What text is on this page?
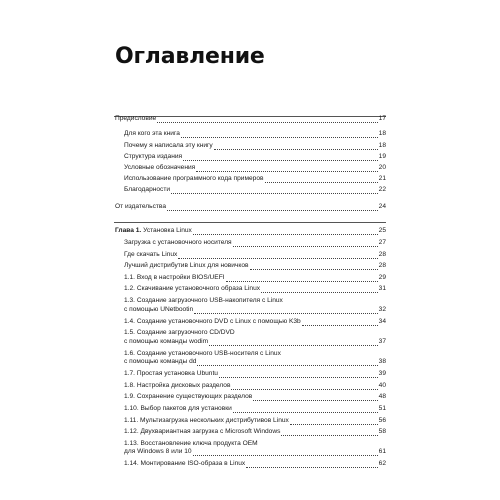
Оглавление
Предисловие	17
Для кого эта книга	18
Почему я написала эту книгу	18
Структура издания	19
Условные обозначения	20
Использование программного кода примеров	21
Благодарности	22
От издательства	24
Глава 1. Установка Linux	25
Загрузка с установочного носителя	27
Где скачать Linux	28
Лучший дистрибутив Linux для новичков	28
1.1. Вход в настройки BIOS/UEFI	29
1.2. Скачивание установочного образа Linux	31
1.3. Создание загрузочного USB-накопителя с Linux
с помощью UNetbootin	32
1.4. Создание установочного DVD с Linux с помощью K3b	34
1.5. Создание загрузочного CD/DVD
с помощью команды wodim	37
1.6. Создание установочного USB-носителя с Linux
с помощью команды dd	38
1.7. Простая установка Ubuntu	39
1.8. Настройка дисковых разделов	40
1.9. Сохранение существующих разделов	48
1.10. Выбор пакетов для установки	51
1.11. Мультизагрузка нескольких дистрибутивов Linux	56
1.12. Двухвариантная загрузка с Microsoft Windows	58
1.13. Восстановление ключа продукта OEM
для Windows 8 или 10	61
1.14. Монтирование ISO-образа в Linux	62
